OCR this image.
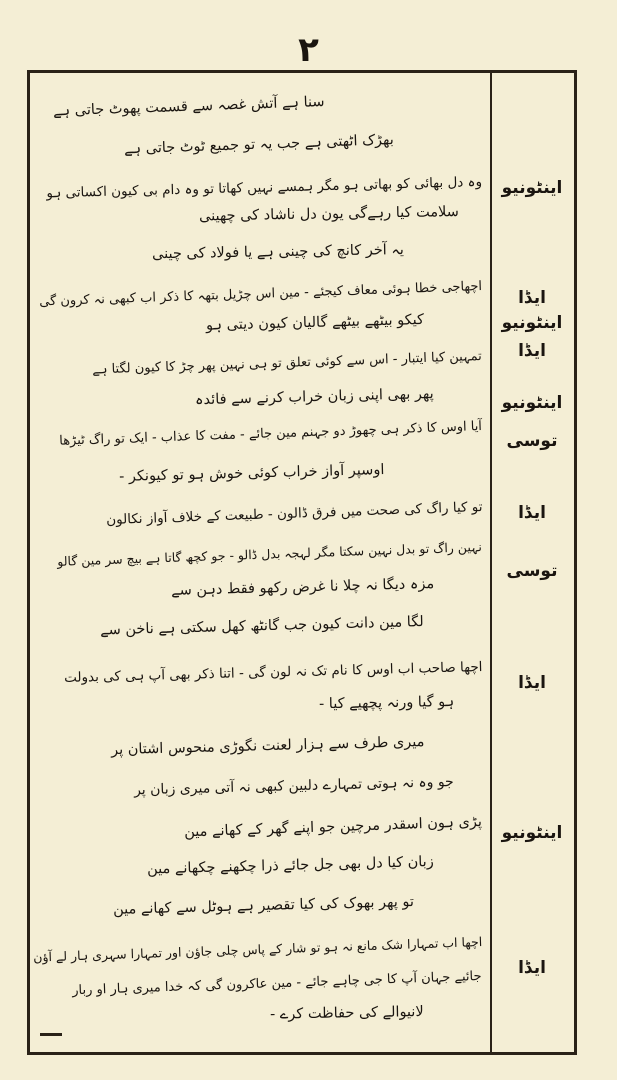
۲
اینٹونیو
ایڈا
اینٹونیو
ایڈا
اینٹونیو
توسی
ایڈا
توسی
ایڈا
اینٹونیو
ایڈا
سنا ہے آتش غصہ سے قسمت پھوٹ جاتی ہے
بھڑک اٹھتی ہے جب یہ تو جمیع ٹوٹ جاتی ہے
وہ دل بھائی کو بھاتی ہو مگر ہمسے نہیں کھاتا تو وہ دام بی کیون اکساتی ہو
سلامت کیا رہےگی یون دل ناشاد کی چھینی
یہ آخر کانچ کی چینی ہے یا فولاد کی چینی
اچھاجی خطا ہوئی معاف کیجئے - مین اس چڑیل بتھہ کا ذکر اب کبھی نہ کرون گی
کیکو بیٹھے بیٹھے گالیان کیون دیتی ہو
تمہین کیا ایتبار - اس سے کوئی تعلق تو ہی نہین پھر چڑ کا کیون لگتا ہے
پھر بھی اپنی زبان خراب کرنے سے فائدہ
آیا اوس کا ذکر ہی چھوڑ دو جہنم مین جائے - مفت کا عذاب - ایک تو راگ ٹیڑھا
اوسپر آواز خراب کوئی خوش ہو تو کیونکر -
تو کیا راگ کی صحت میں فرق ڈالون - طبیعت کے خلاف آواز نکالون
نہین راگ تو بدل نہین سکتا مگر لہجہ بدل ڈالو - جو کچھ گاتا ہے بیچ سر مین گالو
مزہ دیگا نہ چلا نا غرض رکھو فقط دہن سے
لگا مین دانت کیون جب گانٹھ کھل سکتی ہے ناخن سے
اچھا صاحب اب اوس کا نام تک نہ لون گی - اتنا ذکر بھی آپ ہی کی بدولت
ہو گیا ورنہ پچھیے کیا -
میری طرف سے ہزار لعنت نگوڑی منحوس اشتان پر
جو وہ نہ ہوتی تمہارے دلبین کبھی نہ آتی میری زبان پر
پڑی ہون اسقدر مرچین جو اپنے گھر کے کھانے مین
زبان کیا دل بھی جل جائے ذرا چکھنے چکھانے مین
تو پھر بھوک کی کیا تقصیر ہے ہوٹل سے کھانے مین
اچھا اب تمہارا شک مانع نہ ہو تو شار کے پاس چلی جاؤن اور تمہارا سہری ہار لے آؤن
جائیے جہان آپ کا جی چاہے جائے - مین عاکرون گی کہ خدا میری ہار او ربار
لانیوالے کی حفاظت کرے -
